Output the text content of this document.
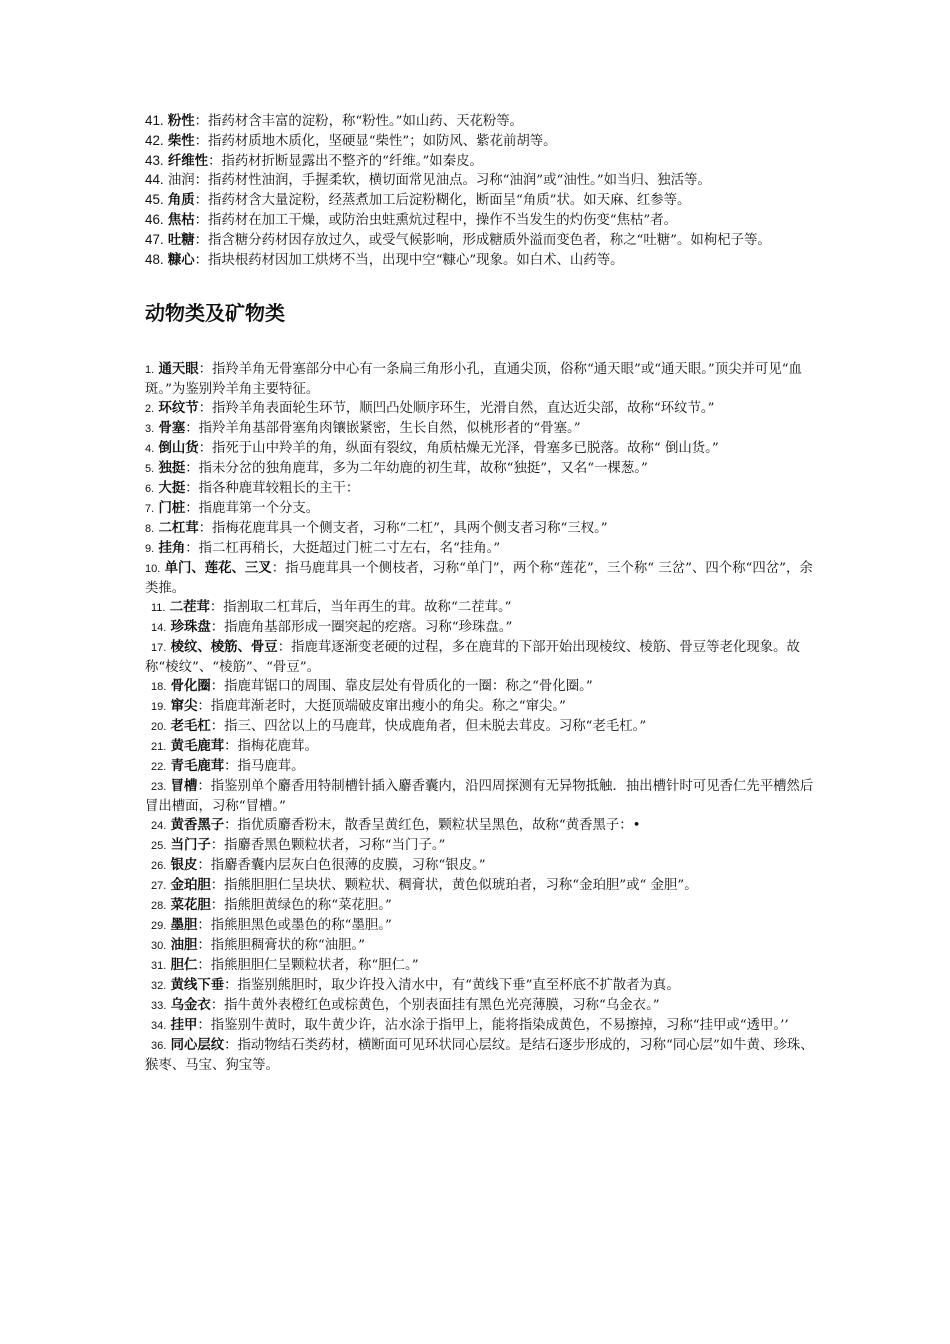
41. 粉性：指药材含丰富的淀粉，称“粉性。”如山药、天花粉等。

42. 柴性：指药材质地木质化，坚硬显“柴性”；如防风、紫花前胡等。

43. 纤维性：指药材折断显露出不整齐的“纤维。”如秦皮。

44. 油润：指药材性油润，手握柔软，横切面常见油点。习称“油润”或“油性。”如当归、独活等。

45. 角质：指药材含大量淀粉，经蒸煮加工后淀粉糊化，断面呈“角质”状。如天麻、红参等。

46. 焦枯：指药材在加工干燥，或防治虫蛀熏炕过程中，操作不当发生的灼伤变“焦枯”者。

47. 吐糖：指含糖分药材因存放过久，或受气候影响，形成糖质外溢而变色者，称之“吐糖”。如枸杞子等。

48. 糠心：指块根药材因加工烘烤不当，出现中空“糠心”现象。如白术、山药等。

动物类及矿物类

1. 通天眼：指羚羊角无骨塞部分中心有一条扁三角形小孔，直通尖顶，俗称“通天眼”或“通天眼。”顶尖并可见“血斑。”为鉴别羚羊角主要特征。

2. 环纹节：指羚羊角表面轮生环节，顺凹凸处顺序环生，光滑自然，直达近尖部，故称“环纹节。”

3. 骨塞：指羚羊角基部骨塞角肉镶嵌紧密，生长自然，似桃形者的“骨塞。”

4. 倒山货：指死于山中羚羊的角，纵面有裂纹，角质枯燥无光泽，骨塞多已脱落。故称“ 倒山货。”

5. 独挺：指未分岔的独角鹿茸，多为二年幼鹿的初生茸，故称“独挺”，又名“一棵葱。”

6. 大挺：指各种鹿茸较粗长的主干：

7. 门桩：指鹿茸第一个分支。

8. 二杠茸：指梅花鹿茸具一个侧支者，习称“二杠”，具两个侧支者习称“三杈。”

9. 挂角：指二杠再稍长，大挺超过门桩二寸左右，名“挂角。”

10. 单门、莲花、三叉：指马鹿茸具一个侧枝者，习称“单门”，两个称“莲花”，三个称“ 三岔”、四个称“四岔”，余类推。

11. 二茬茸：指割取二杠茸后，当年再生的茸。故称“二茬茸。”

14. 珍珠盘：指鹿角基部形成一圈突起的疙瘩。习称“珍珠盘。”

17. 棱纹、棱筋、骨豆：指鹿茸逐渐变老硬的过程，多在鹿茸的下部开始出现棱纹、棱筋、骨豆等老化现象。故称“棱纹”、“棱筋”、“骨豆”。

18. 骨化圈：指鹿茸锯口的周围、靠皮层处有骨质化的一圈：称之“骨化圈。”

19. 窜尖：指鹿茸渐老时，大挺顶端破皮窜出瘦小的角尖。称之“窜尖。”

20. 老毛杠：指三、四岔以上的马鹿茸，快成鹿角者，但未脱去茸皮。习称“老毛杠。”

21. 黄毛鹿茸：指梅花鹿茸。

22. 青毛鹿茸：指马鹿茸。

23. 冒槽：指鉴别单个麝香用特制槽针插入麝香囊内，沿四周探测有无异物抵触．抽出槽针时可见香仁先平槽然后冒出槽面，习称“冒槽。”

24. 黄香黑子：指优质麝香粉末，散香呈黄红色，颗粒状呈黑色，故称“黄香黑子：•

25. 当门子：指麝香黑色颗粒状者，习称“当门子。”

26. 银皮：指麝香囊内层灰白色很薄的皮膜，习称“银皮。”

27. 金珀胆：指熊胆胆仁呈块状、颗粒状、稠膏状，黄色似琥珀者，习称“金珀胆”或“ 金胆”。

28. 菜花胆：指熊胆黄绿色的称“菜花胆。”

29. 墨胆：指熊胆黑色或墨色的称“墨胆。”

30. 油胆：指熊胆稠膏状的称“油胆。”

31. 胆仁：指熊胆胆仁呈颗粒状者，称“胆仁。”

32. 黄线下垂：指鉴别熊胆时，取少许投入清水中，有“黄线下垂”直至杯底不扩散者为真。

33. 乌金衣：指牛黄外表橙红色或棕黄色，个别表面挂有黑色光亮薄膜，习称“乌金衣。”

34. 挂甲：指鉴别牛黄时，取牛黄少许，沾水涂于指甲上，能将指染成黄色，不易擦掉，习称“挂甲或“透甲。’’

36. 同心层纹：指动物结石类药材，横断面可见环状同心层纹。是结石逐步形成的，习称“同心层”如牛黄、珍珠、猴枣、马宝、狗宝等。
